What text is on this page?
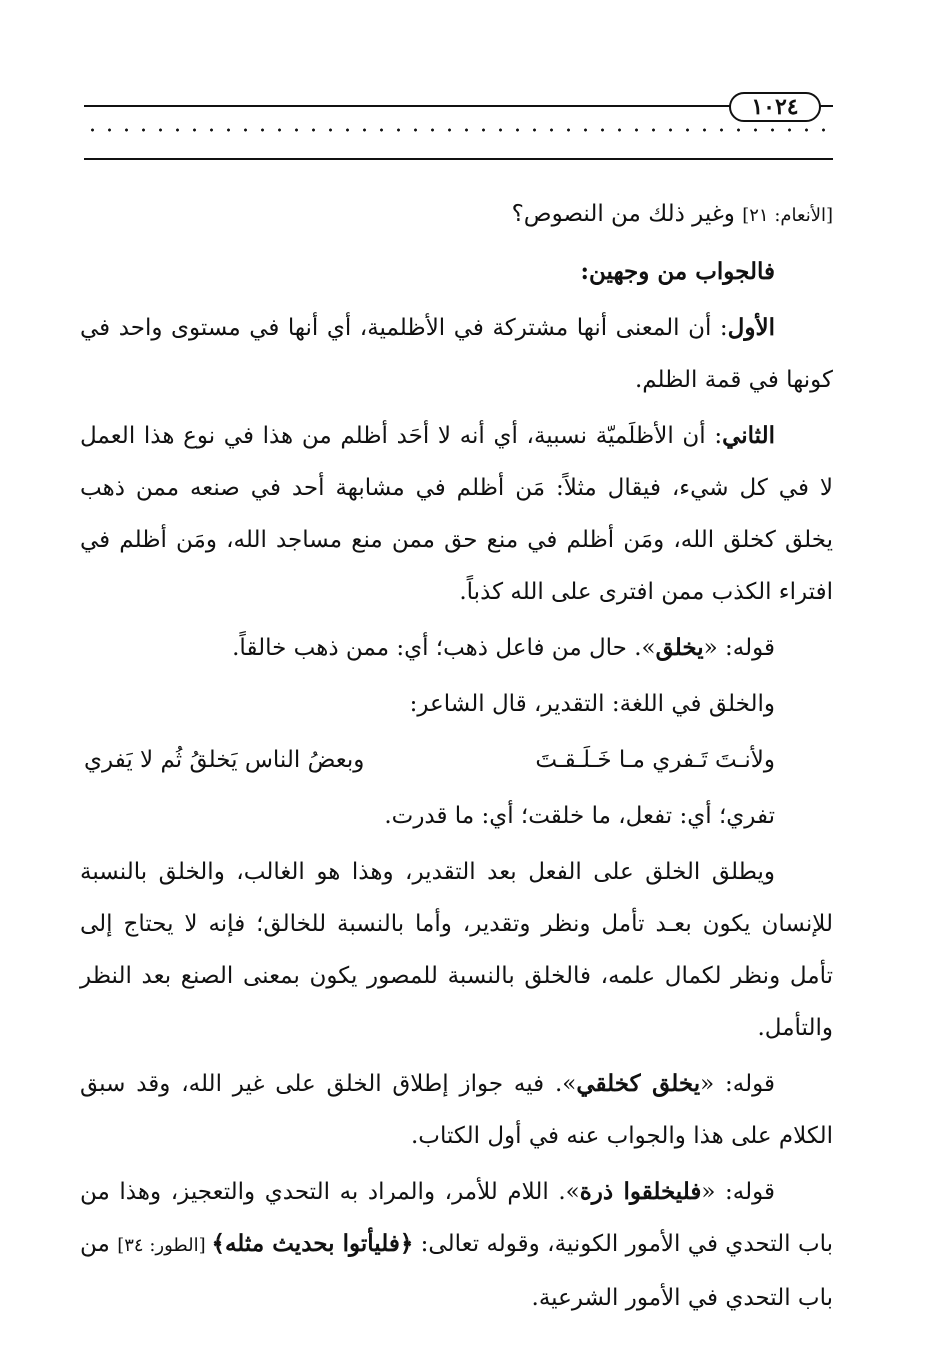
١٠٢٤

[الأنعام: ٢١] وغير ذلك من النصوص؟

فالجواب من وجهين:

الأول: أن المعنى أنها مشتركة في الأظلمية، أي أنها في مستوى واحد في كونها في قمة الظلم.

الثاني: أن الأظلَميّة نسبية، أي أنه لا أحَد أظلم من هذا في نوع هذا العمل لا في كل شيء، فيقال مثلاً: مَن أظلم في مشابهة أحد في صنعه ممن ذهب يخلق كخلق الله، ومَن أظلم في منع حق ممن منع مساجد الله، ومَن أظلم في افتراء الكذب ممن افترى على الله كذباً.

قوله: «يخلق». حال من فاعل ذهب؛ أي: ممن ذهب خالقاً.

والخلق في اللغة: التقدير، قال الشاعر:

ولأنـتَ تَـفري مـا خَـلَـقـتَ
وبعضُ الناس يَخلقُ ثُم لا يَفري

تفري؛ أي: تفعل، ما خلقت؛ أي: ما قدرت.

ويطلق الخلق على الفعل بعد التقدير، وهذا هو الغالب، والخلق بالنسبة للإنسان يكون بعـد تأمل ونظر وتقدير، وأما بالنسبة للخالق؛ فإنه لا يحتاج إلى تأمل ونظر لكمال علمه، فالخلق بالنسبة للمصور يكون بمعنى الصنع بعد النظر والتأمل.

قوله: «يخلق كخلقي». فيه جواز إطلاق الخلق على غير الله، وقد سبق الكلام على هذا والجواب عنه في أول الكتاب.

قوله: «فليخلقوا ذرة». اللام للأمر، والمراد به التحدي والتعجيز، وهذا من باب التحدي في الأمور الكونية، وقوله تعالى: ﴿فليأتوا بحديث مثله﴾ [الطور: ٣٤] من باب التحدي في الأمور الشرعية.
